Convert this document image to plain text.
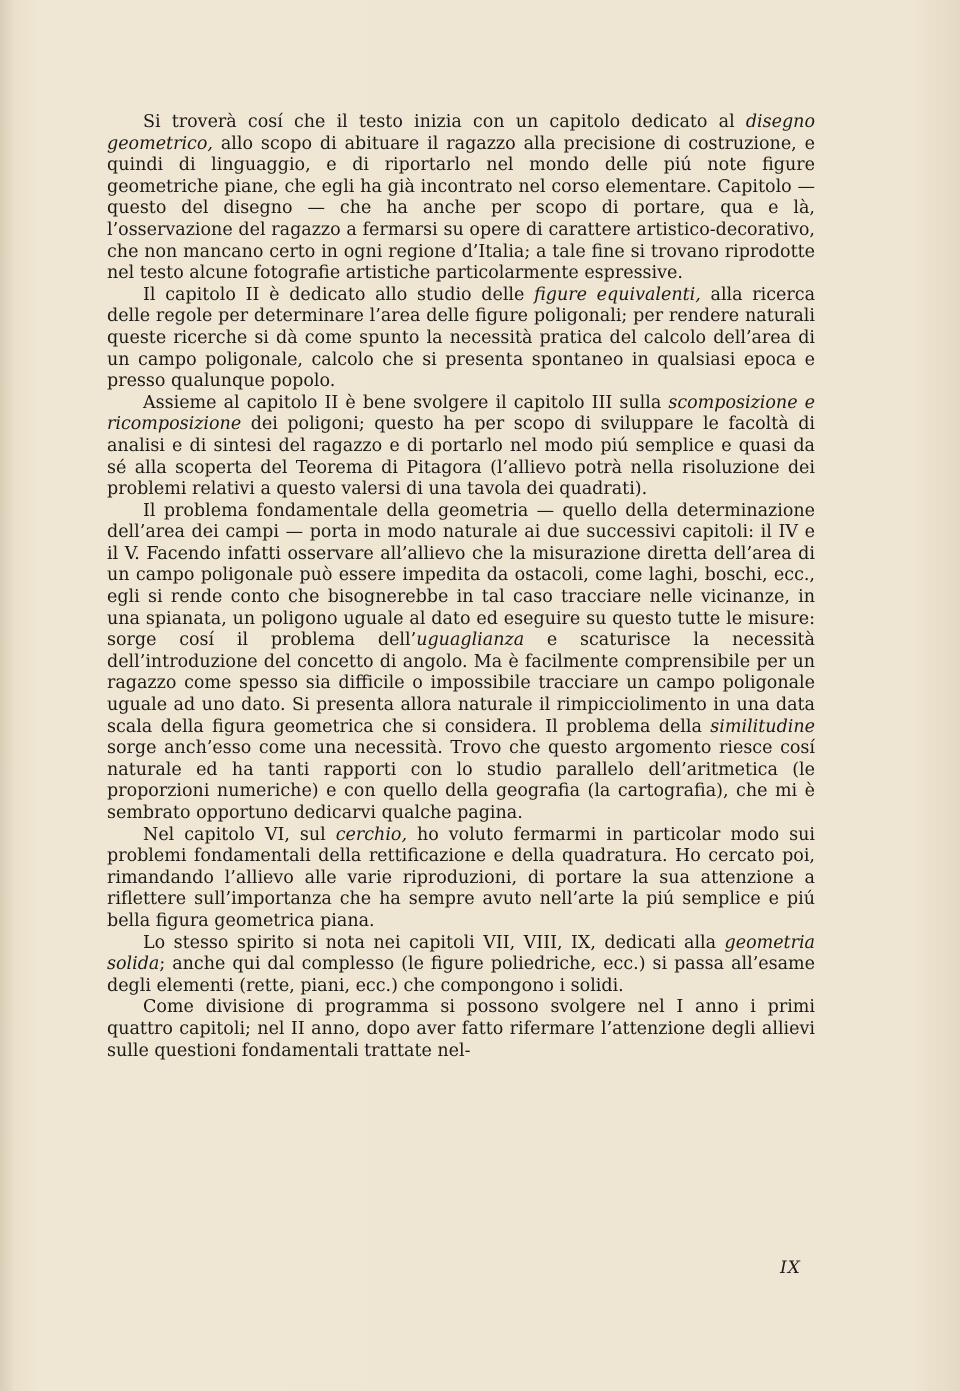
Si troverà cosí che il testo inizia con un capitolo dedicato al disegno geometrico, allo scopo di abituare il ragazzo alla precisione di costruzione, e quindi di linguaggio, e di riportarlo nel mondo delle piú note figure geometriche piane, che egli ha già incontrato nel corso elementare. Capitolo — questo del disegno — che ha anche per scopo di portare, qua e là, l’osservazione del ragazzo a fermarsi su opere di carattere artistico-decorativo, che non mancano certo in ogni regione d’Italia; a tale fine si trovano riprodotte nel testo alcune fotografie artistiche particolarmente espressive.

Il capitolo II è dedicato allo studio delle figure equivalenti, alla ricerca delle regole per determinare l’area delle figure poligonali; per rendere naturali queste ricerche si dà come spunto la necessità pratica del calcolo dell’area di un campo poligonale, calcolo che si presenta spontaneo in qualsiasi epoca e presso qualunque popolo.

Assieme al capitolo II è bene svolgere il capitolo III sulla scomposizione e ricomposizione dei poligoni; questo ha per scopo di sviluppare le facoltà di analisi e di sintesi del ragazzo e di portarlo nel modo piú semplice e quasi da sé alla scoperta del Teorema di Pitagora (l’allievo potrà nella risoluzione dei problemi relativi a questo valersi di una tavola dei quadrati).

Il problema fondamentale della geometria — quello della determinazione dell’area dei campi — porta in modo naturale ai due successivi capitoli: il IV e il V. Facendo infatti osservare all’allievo che la misurazione diretta dell’area di un campo poligonale può essere impedita da ostacoli, come laghi, boschi, ecc., egli si rende conto che bisognerebbe in tal caso tracciare nelle vicinanze, in una spianata, un poligono uguale al dato ed eseguire su questo tutte le misure: sorge cosí il problema dell’uguaglianza e scaturisce la necessità dell’introduzione del concetto di angolo. Ma è facilmente comprensibile per un ragazzo come spesso sia difficile o impossibile tracciare un campo poligonale uguale ad uno dato. Si presenta allora naturale il rimpicciolimento in una data scala della figura geometrica che si considera. Il problema della similitudine sorge anch’esso come una necessità. Trovo che questo argomento riesce cosí naturale ed ha tanti rapporti con lo studio parallelo dell’aritmetica (le proporzioni numeriche) e con quello della geografia (la cartografia), che mi è sembrato opportuno dedicarvi qualche pagina.

Nel capitolo VI, sul cerchio, ho voluto fermarmi in particolar modo sui problemi fondamentali della rettificazione e della quadratura. Ho cercato poi, rimandando l’allievo alle varie riproduzioni, di portare la sua attenzione a riflettere sull’importanza che ha sempre avuto nell’arte la piú semplice e piú bella figura geometrica piana.

Lo stesso spirito si nota nei capitoli VII, VIII, IX, dedicati alla geometria solida; anche qui dal complesso (le figure poliedriche, ecc.) si passa all’esame degli elementi (rette, piani, ecc.) che compongono i solidi.

Come divisione di programma si possono svolgere nel I anno i primi quattro capitoli; nel II anno, dopo aver fatto rifermare l’attenzione degli allievi sulle questioni fondamentali trattate nel-

IX
